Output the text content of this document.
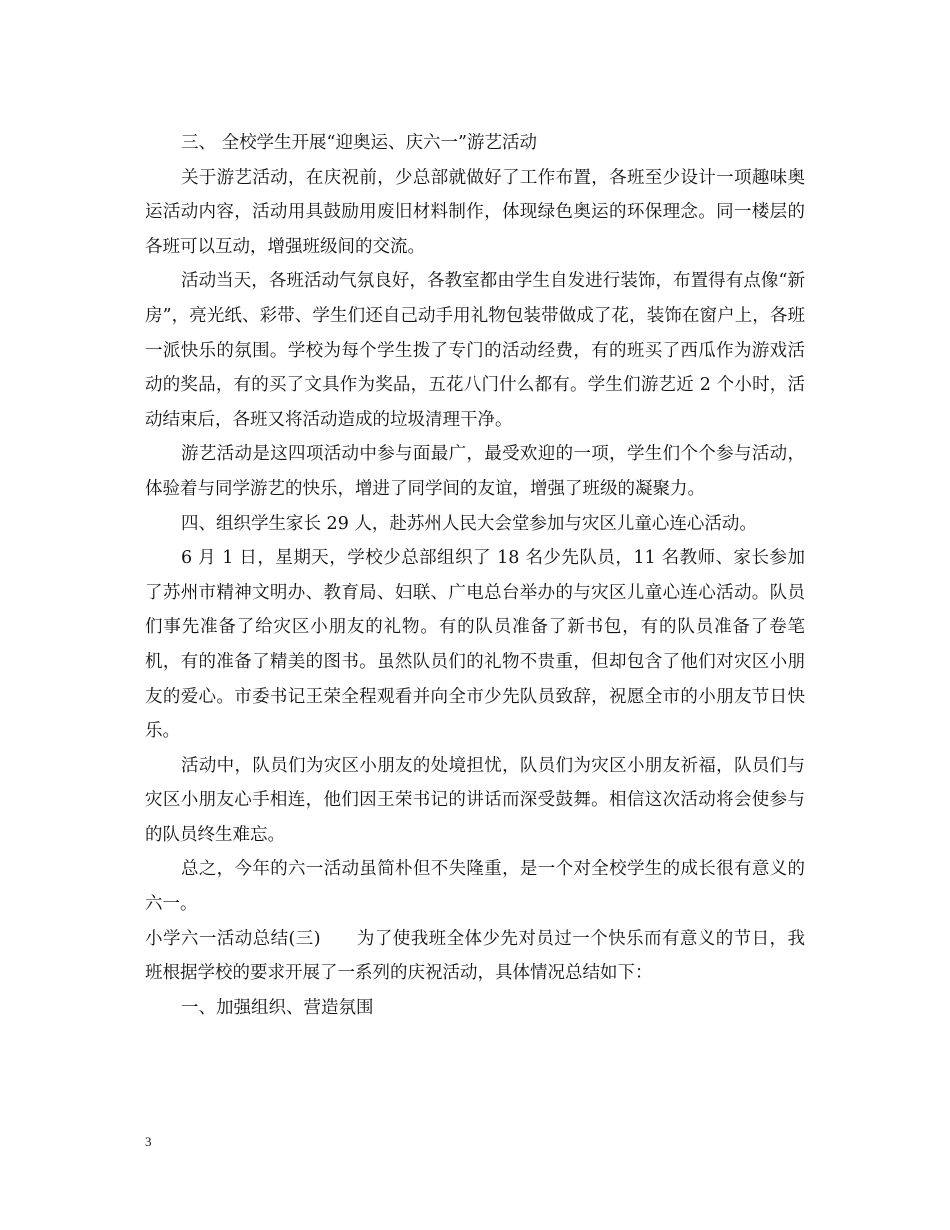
三、 全校学生开展“迎奥运、庆六一”游艺活动

关于游艺活动，在庆祝前，少总部就做好了工作布置，各班至少设计一项趣味奥运活动内容，活动用具鼓励用废旧材料制作，体现绿色奥运的环保理念。同一楼层的各班可以互动，增强班级间的交流。

活动当天，各班活动气氛良好，各教室都由学生自发进行装饰，布置得有点像“新房”，亮光纸、彩带、学生们还自己动手用礼物包装带做成了花，装饰在窗户上，各班一派快乐的氛围。学校为每个学生拨了专门的活动经费，有的班买了西瓜作为游戏活动的奖品，有的买了文具作为奖品，五花八门什么都有。学生们游艺近 2 个小时，活动结束后，各班又将活动造成的垃圾清理干净。

游艺活动是这四项活动中参与面最广，最受欢迎的一项，学生们个个参与活动，体验着与同学游艺的快乐，增进了同学间的友谊，增强了班级的凝聚力。

四、组织学生家长 29 人，赴苏州人民大会堂参加与灾区儿童心连心活动。

6 月 1 日，星期天，学校少总部组织了 18 名少先队员，11 名教师、家长参加了苏州市精神文明办、教育局、妇联、广电总台举办的与灾区儿童心连心活动。队员们事先准备了给灾区小朋友的礼物。有的队员准备了新书包，有的队员准备了卷笔机，有的准备了精美的图书。虽然队员们的礼物不贵重，但却包含了他们对灾区小朋友的爱心。市委书记王荣全程观看并向全市少先队员致辞，祝愿全市的小朋友节日快乐。

活动中，队员们为灾区小朋友的处境担忧，队员们为灾区小朋友祈福，队员们与灾区小朋友心手相连，他们因王荣书记的讲话而深受鼓舞。相信这次活动将会使参与的队员终生难忘。

总之，今年的六一活动虽简朴但不失隆重，是一个对全校学生的成长很有意义的六一。

小学六一活动总结(三)　　为了使我班全体少先对员过一个快乐而有意义的节日，我班根据学校的要求开展了一系列的庆祝活动，具体情况总结如下：

一、加强组织、营造氛围

3
